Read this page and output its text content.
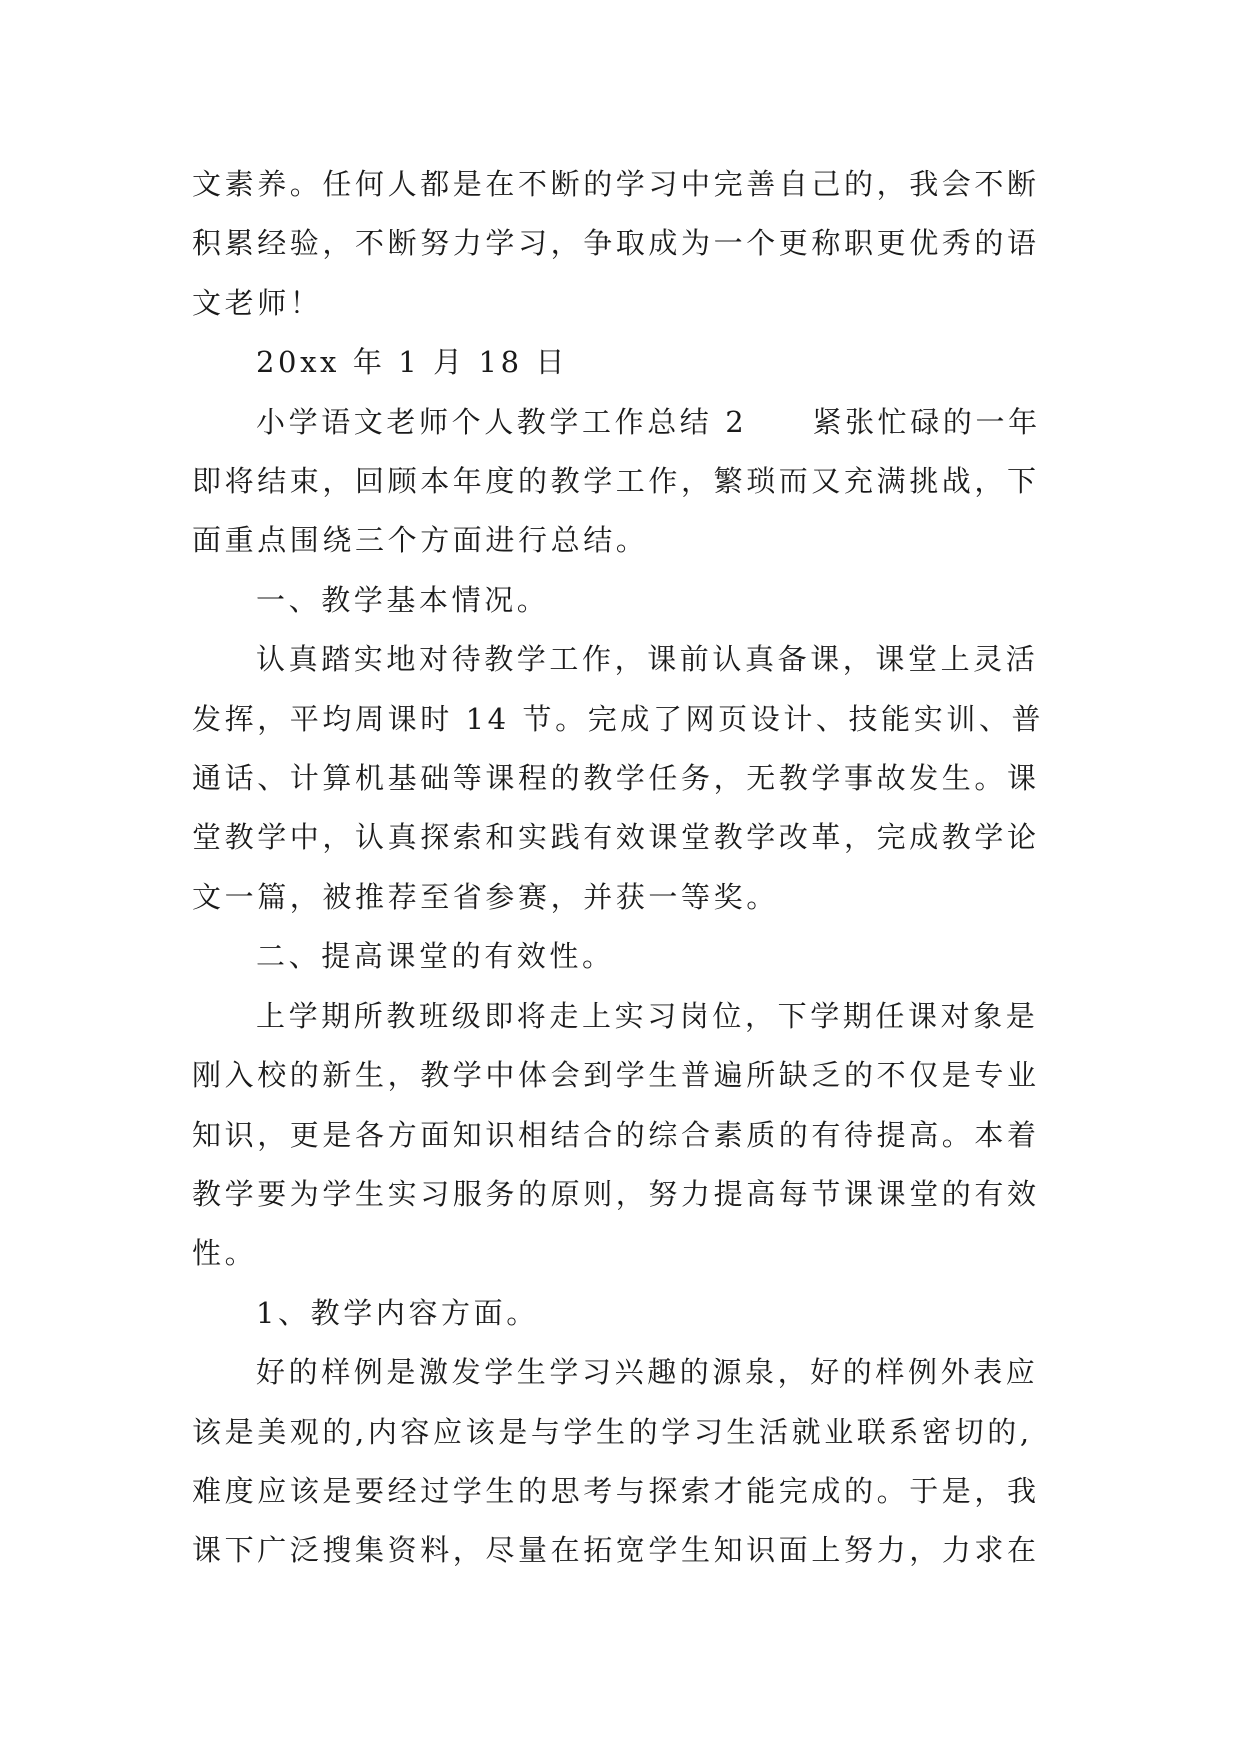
文素养。任何人都是在不断的学习中完善自己的，我会不断

积累经验，不断努力学习，争取成为一个更称职更优秀的语

文老师！

20xx 年 1 月 18 日

小学语文老师个人教学工作总结 2　　紧张忙碌的一年

即将结束，回顾本年度的教学工作，繁琐而又充满挑战，下

面重点围绕三个方面进行总结。

一、教学基本情况。

认真踏实地对待教学工作，课前认真备课，课堂上灵活

发挥，平均周课时 14 节。完成了网页设计、技能实训、普

通话、计算机基础等课程的教学任务，无教学事故发生。课

堂教学中，认真探索和实践有效课堂教学改革，完成教学论

文一篇，被推荐至省参赛，并获一等奖。

二、提高课堂的有效性。

上学期所教班级即将走上实习岗位，下学期任课对象是

刚入校的新生，教学中体会到学生普遍所缺乏的不仅是专业

知识，更是各方面知识相结合的综合素质的有待提高。本着

教学要为学生实习服务的原则，努力提高每节课课堂的有效

性。

1、教学内容方面。

好的样例是激发学生学习兴趣的源泉，好的样例外表应

该是美观的,内容应该是与学生的学习生活就业联系密切的,

难度应该是要经过学生的思考与探索才能完成的。于是，我

课下广泛搜集资料，尽量在拓宽学生知识面上努力，力求在
